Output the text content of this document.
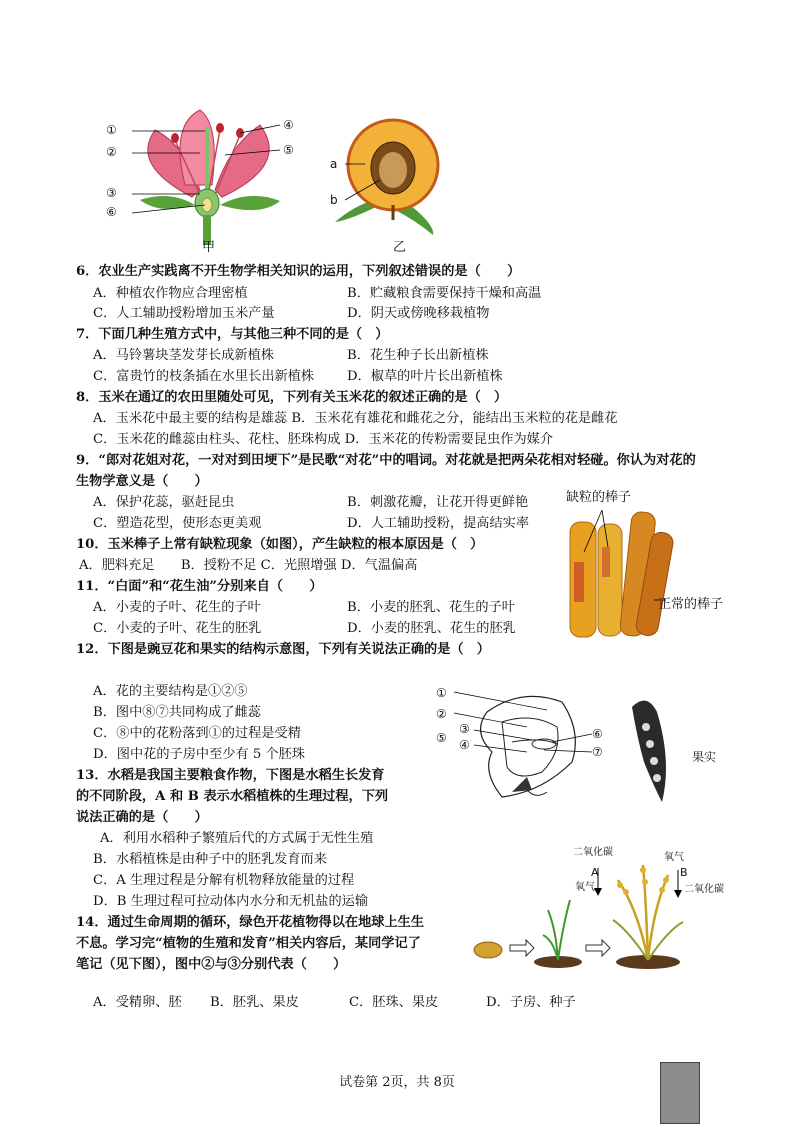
①
②
③
⑥
④
⑤
甲
a
b
乙
6．农业生产实践离不开生物学相关知识的运用，下列叙述错误的是（　　）
A．种植农作物应合理密植	B．贮藏粮食需要保持干燥和高温
C．人工辅助授粉增加玉米产量	D．阴天或傍晚移栽植物
7．下面几种生殖方式中，与其他三种不同的是（　）
A．马铃薯块茎发芽长成新植株	B．花生种子长出新植株
C．富贵竹的枝条插在水里长出新植株 D．椒草的叶片长出新植株
8．玉米在通辽的农田里随处可见，下列有关玉米花的叙述正确的是（　）
A．玉米花中最主要的结构是雄蕊 B．玉米花有雄花和雌花之分，能结出玉米粒的花是雌花
C．玉米花的雌蕊由柱头、花柱、胚珠构成 D．玉米花的传粉需要昆虫作为媒介
9．“郎对花姐对花，一对对到田埂下”是民歌“对花”中的唱词。对花就是把两朵花相对轻碰。你认为对花的
生物学意义是（　　）
A．保护花蕊，驱赶昆虫	B．刺激花瓣，让花开得更鲜艳
C．塑造花型，使形态更美观	D．人工辅助授粉，提高结实率
缺粒的棒子
正常的棒子
10．玉米棒子上常有缺粒现象（如图），产生缺粒的根本原因是（　）
A．肥料充足　　B．授粉不足 C．光照增强 D．气温偏高
11．“白面”和“花生油”分别来自（　　）
A．小麦的子叶、花生的子叶	B．小麦的胚乳、花生的子叶
C．小麦的子叶、花生的胚乳	D．小麦的胚乳、花生的胚乳
12．下图是豌豆花和果实的结构示意图，下列有关说法正确的是（　）
A．花的主要结构是①②⑤
B．图中⑧⑦共同构成了雌蕊
C．⑧中的花粉落到①的过程是受精
D．图中花的子房中至少有 5 个胚珠
①
②
③
④
⑤	⑥
⑦	果实
13．水稻是我国主要粮食作物，下图是水稻生长发育
的不同阶段，A 和 B 表示水稻植株的生理过程，下列
说法正确的是（　　）
A．利用水稻种子繁殖后代的方式属于无性生殖
B．水稻植株是由种子中的胚乳发育而来
C．A 生理过程是分解有机物释放能量的过程
D．B 生理过程可拉动体内水分和无机盐的运输
14．通过生命周期的循环，绿色开花植物得以在地球上生生
不息。学习完“植物的生殖和发育”相关内容后，某同学记了
笔记（见下图），图中②与③分别代表（　　）
A．受精卵、胚 B．胚乳、果皮	C．胚珠、果皮	D．子房、种子
二氧化碳
A
氧气
氧气
B
二氧化碳
试卷第 2页，共 8页
